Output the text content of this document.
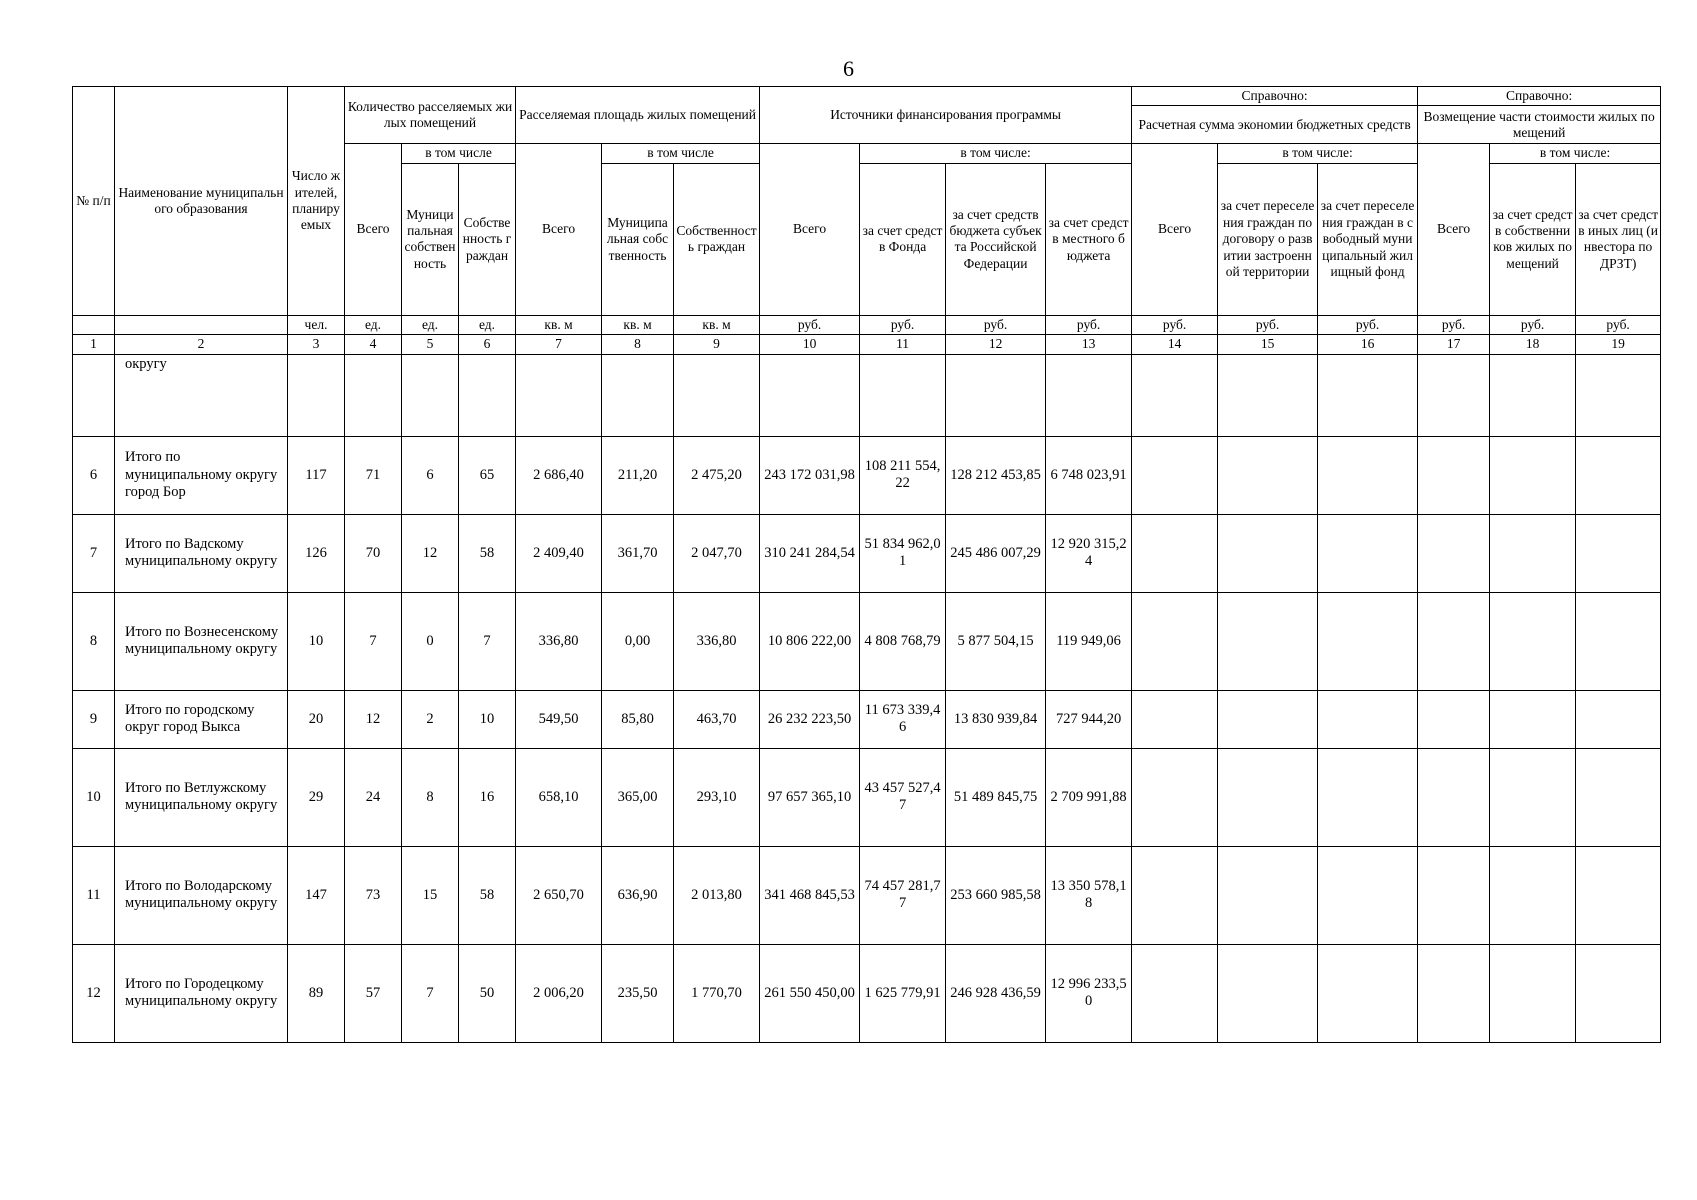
6
№ п/п	Наименование муниципального образования	Число жителей, планируемых	Количество расселяемых жилых помещений			Расселяемая площадь жилых помещений			Источники финансирования программы				Справочно:			Справочно:		
													Расчетная сумма экономии бюджетных средств			Возмещение части стоимости жилых помещений		
			Всего	в том числе		Всего	в том числе		Всего	в том числе:			Всего	в том числе:		Всего	в том числе:	
				Муниципальная собственность	Собственность граждан		Муниципальная собственность	Собственность граждан		за счет средств Фонда	за счет средств бюджета субъекта Российской Федерации	за счет средств местного бюджета		за счет переселения граждан по договору о развитии застроенной территории	за счет переселения граждан в свободный муниципальный жилищный фонд		за счет средств собственников жилых помещений	за счет средств иных лиц (инвестора по ДРЗТ)
		чел.	ед.	ед.	ед.	кв. м	кв. м	кв. м	руб.	руб.	руб.	руб.	руб.	руб.	руб.	руб.	руб.	руб.
1	2	3	4	5	6	7	8	9	10	11	12	13	14	15	16	17	18	19
	округу																	
6	Итого по муниципальному округу город Бор	117	71	6	65	2 686,40	211,20	2 475,20	243 172 031,98	108 211 554,22	128 212 453,85	6 748 023,91						
7	Итого по Вадскому муниципальному округу	126	70	12	58	2 409,40	361,70	2 047,70	310 241 284,54	51 834 962,01	245 486 007,29	12 920 315,24						
8	Итого по Вознесенскому муниципальному округу	10	7	0	7	336,80	0,00	336,80	10 806 222,00	4 808 768,79	5 877 504,15	119 949,06						
9	Итого по городскому округ город Выкса	20	12	2	10	549,50	85,80	463,70	26 232 223,50	11 673 339,46	13 830 939,84	727 944,20						
10	Итого по Ветлужскому муниципальному округу	29	24	8	16	658,10	365,00	293,10	97 657 365,10	43 457 527,47	51 489 845,75	2 709 991,88						
11	Итого по Володарскому муниципальному округу	147	73	15	58	2 650,70	636,90	2 013,80	341 468 845,53	74 457 281,77	253 660 985,58	13 350 578,18						
12	Итого по Городецкому муниципальному округу	89	57	7	50	2 006,20	235,50	1 770,70	261 550 450,00	1 625 779,91	246 928 436,59	12 996 233,50						
